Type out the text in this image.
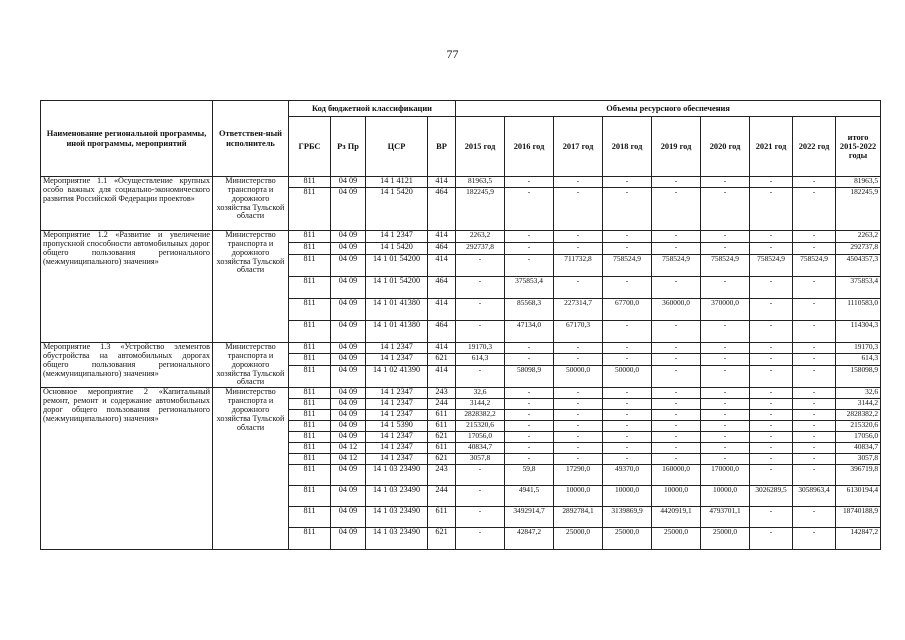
77
Наименование региональной программы, иной программы, мероприятий	Ответствен-ный исполнитель	Код бюджетной классификации				Объемы ресурсного обеспечения								
		ГРБС	Рз Пр	ЦСР	ВР	2015 год	2016 год	2017 год	2018 год	2019 год	2020 год	2021 год	2022 год	итого 2015-2022 годы
Мероприятие 1.1 «Осуществление крупных особо важных для социально-экономического развития Российской Федерации проектов»	Министерство транспорта и дорожного хозяйства Тульской области	811	04 09	14 1 4121	414	81963,5	-	-	-	-	-	-	-	81963,5
		811	04 09	14 1 5420	464	182245,9	-	-	-	-	-	-	-	182245,9
Мероприятие 1.2 «Развитие и увеличение пропускной способности автомобильных дорог общего пользования регионального (межмуниципального) значения»	Министерство транспорта и дорожного хозяйства Тульской области	811	04 09	14 1 2347	414	2263,2	-	-	-	-	-	-	-	2263,2
		811	04 09	14 1 5420	464	292737,8	-	-	-	-	-	-	-	292737,8
		811	04 09	14 1 01 54200	414	-	-	711732,8	758524,9	758524,9	758524,9	758524,9	758524,9	4504357,3
		811	04 09	14 1 01 54200	464	-	375853,4	-	-	-	-	-	-	375853,4
		811	04 09	14 1 01 41380	414	-	85568,3	227314,7	67700,0	360000,0	370000,0	-	-	1110583,0
		811	04 09	14 1 01 41380	464	-	47134,0	67170,3	-	-	-	-	-	114304,3
Мероприятие 1.3 «Устройство элементов обустройства на автомобильных дорогах общего пользования регионального (межмуниципального) значения»	Министерство транспорта и дорожного хозяйства Тульской области	811	04 09	14 1 2347	414	19170,3	-	-	-	-	-	-	-	19170,3
		811	04 09	14 1 2347	621	614,3	-	-	-	-	-	-	-	614,3
		811	04 09	14 1 02 41390	414	-	58098,9	50000,0	50000,0	-	-	-	-	158098,9
Основное мероприятие 2 «Капитальный ремонт, ремонт и содержание автомобильных дорог общего пользования регионального (межмуниципального) значения»	Министерство транспорта и дорожного хозяйства Тульской области	811	04 09	14 1 2347	243	32,6	-	-	-	-	-	-	-	32,6
		811	04 09	14 1 2347	244	3144,2	-	-	-	-	-	-	-	3144,2
		811	04 09	14 1 2347	611	2828382,2	-	-	-	-	-	-	-	2828382,2
		811	04 09	14 1 5390	611	215320,6	-	-	-	-	-	-	-	215320,6
		811	04 09	14 1 2347	621	17056,0	-	-	-	-	-	-	-	17056,0
		811	04 12	14 1 2347	611	40834,7	-	-	-	-	-	-	-	40834,7
		811	04 12	14 1 2347	621	3057,8	-	-	-	-	-	-	-	3057,8
		811	04 09	14 1 03 23490	243	-	59,8	17290,0	49370,0	160000,0	170000,0	-	-	396719,8
		811	04 09	14 1 03 23490	244	-	4941,5	10000,0	10000,0	10000,0	10000,0	3026289,5	3058963,4	6130194,4
		811	04 09	14 1 03 23490	611	-	3492914,7	2892784,1	3139869,9	4420919,1	4793701,1	-	-	18740188,9
		811	04 09	14 1 03 23490	621	-	42847,2	25000,0	25000,0	25000,0	25000,0	-	-	142847,2
